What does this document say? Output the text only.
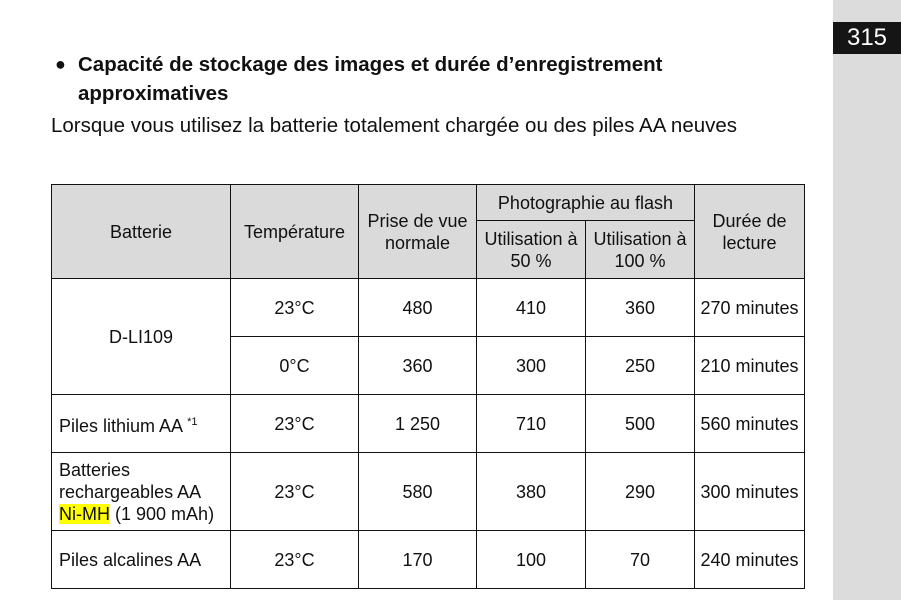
315
● Capacité de stockage des images et durée d’enregistrement approximatives
Lorsque vous utilisez la batterie totalement chargée ou des piles AA neuves
Batterie	Température	Prise de vue normale	Photographie au flash		Durée de lecture
			Utilisation à 50 %	Utilisation à 100 %	
D-LI109	23°C	480	410	360	270 minutes
	0°C	360	300	250	210 minutes
Piles lithium AA $^{*1}$	23°C	1 250	710	500	560 minutes
Batteries rechargeables AA
Ni-MH (1 900 mAh)	23°C	580	380	290	300 minutes
Piles alcalines AA	23°C	170	100	70	240 minutes
